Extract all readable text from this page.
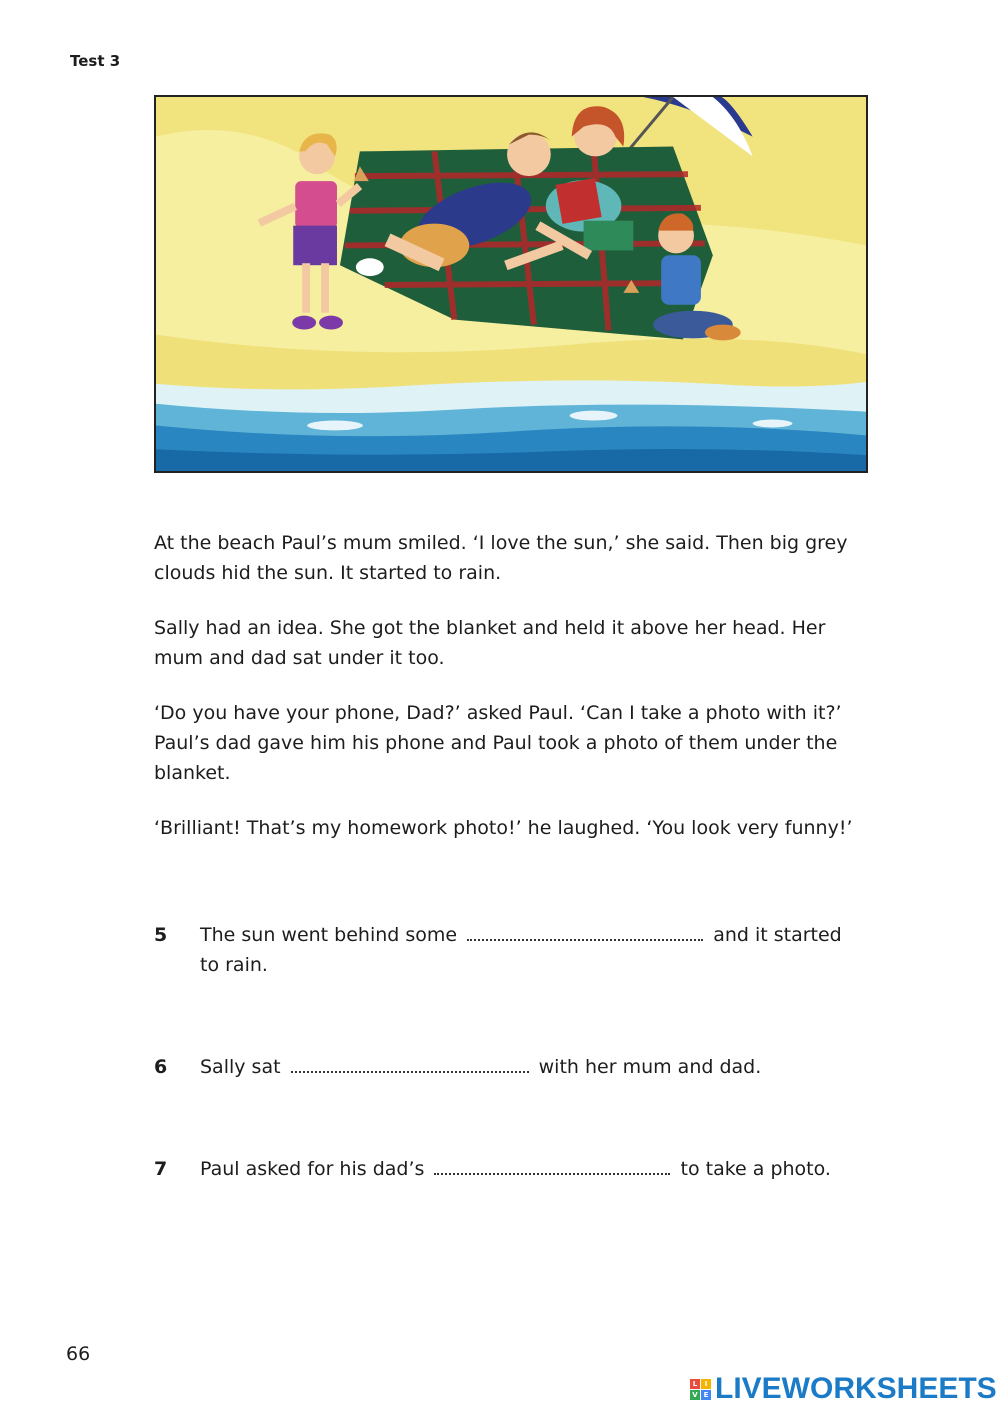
Test 3

At the beach Paul’s mum smiled. ‘I love the sun,’ she said. Then big grey clouds hid the sun. It started to rain.

Sally had an idea. She got the blanket and held it above her head. Her mum and dad sat under it too.

‘Do you have your phone, Dad?’ asked Paul. ‘Can I take a photo with it?’ Paul’s dad gave him his phone and Paul took a photo of them under the blanket.

‘Brilliant! That’s my homework photo!’ he laughed. ‘You look very funny!’

5 The sun went behind some	and it started to rain.
6 Sally sat	with her mum and dad.
7 Paul asked for his dad’s	to take a photo.
66
L	I
V E LIVEWORKSHEETS
